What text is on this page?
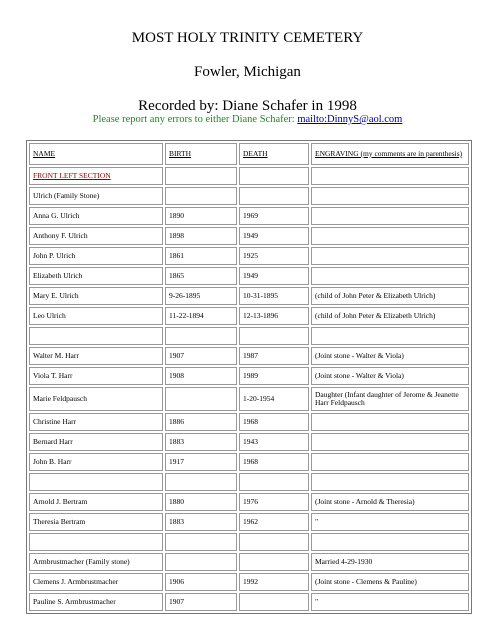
MOST HOLY TRINITY CEMETERY
Fowler, Michigan
Recorded by: Diane Schafer in 1998
Please report any errors to either Diane Schafer: mailto:DinnyS@aol.com
NAME	BIRTH	DEATH	ENGRAVING (my comments are in parenthesis)
FRONT LEFT SECTION			
Ulrich (Family Stone)			
Anna G. Ulrich	1890	1969	
Anthony F. Ulrich	1898	1949	
John P. Ulrich	1861	1925	
Elizabeth Ulrich	1865	1949	
Mary E. Ulrich	9-26-1895	10-31-1895	(child of John Peter & Elizabeth Ulrich)
Leo Ulrich	11-22-1894	12-13-1896	(child of John Peter & Elizabeth Ulrich)

Walter M. Harr	1907	1987	(Joint stone - Walter & Viola)
Viola T. Harr	1908	1989	(Joint stone - Walter & Viola)
Marie Feldpausch		1-20-1954	Daughter (Infant daughter of Jerome & Jeanette Harr Feldpausch
Christine Harr	1886	1968	
Bernard Harr	1883	1943	
John B. Harr	1917	1968	

Arnold J. Bertram	1880	1976	(Joint stone - Arnold & Theresia)
Theresia Bertram	1883	1962	"

Armbrustmacher (Family stone)			Married 4-29-1930
Clemens J. Armbrustmacher	1906	1992	(Joint stone - Clemens & Pauline)
Pauline S. Armbrustmacher	1907		"
